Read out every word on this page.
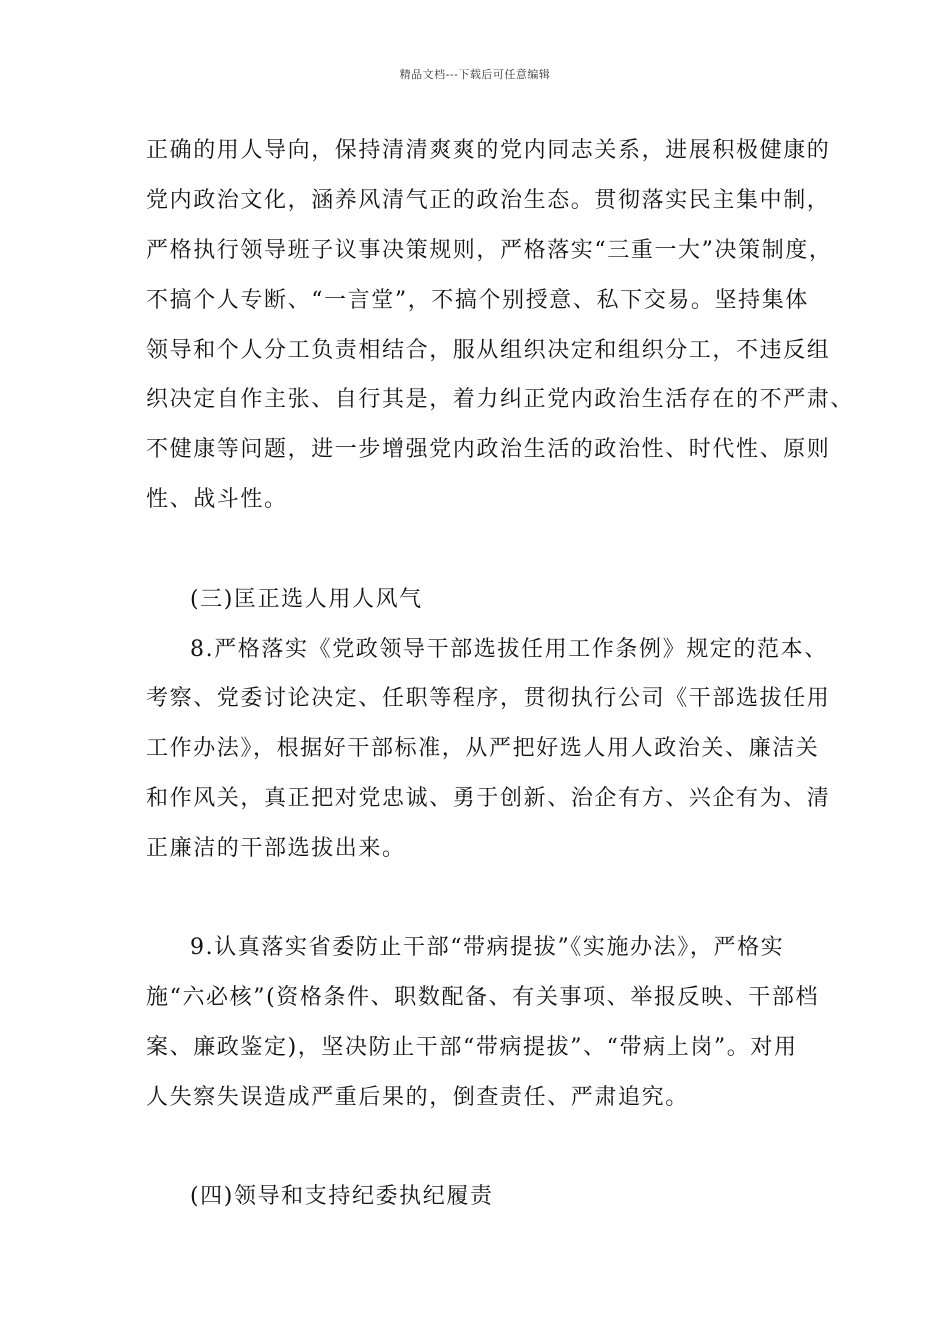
精品文档---下载后可任意编辑
正确的用人导向，保持清清爽爽的党内同志关系，进展积极健康的
党内政治文化，涵养风清气正的政治生态。贯彻落实民主集中制，
严格执行领导班子议事决策规则，严格落实“三重一大”决策制度，
不搞个人专断、“一言堂”，不搞个别授意、私下交易。坚持集体
领导和个人分工负责相结合，服从组织决定和组织分工，不违反组
织决定自作主张、自行其是，着力纠正党内政治生活存在的不严肃、
不健康等问题，进一步增强党内政治生活的政治性、时代性、原则
性、战斗性。
(三)匡正选人用人风气
8.严格落实《党政领导干部选拔任用工作条例》规定的范本、
考察、党委讨论决定、任职等程序，贯彻执行公司《干部选拔任用
工作办法》，根据好干部标准，从严把好选人用人政治关、廉洁关
和作风关，真正把对党忠诚、勇于创新、治企有方、兴企有为、清
正廉洁的干部选拔出来。
9.认真落实省委防止干部“带病提拔”《实施办法》，严格实
施“六必核”(资格条件、职数配备、有关事项、举报反映、干部档
案、廉政鉴定)，坚决防止干部“带病提拔”、“带病上岗”。对用
人失察失误造成严重后果的，倒查责任、严肃追究。
(四)领导和支持纪委执纪履责
